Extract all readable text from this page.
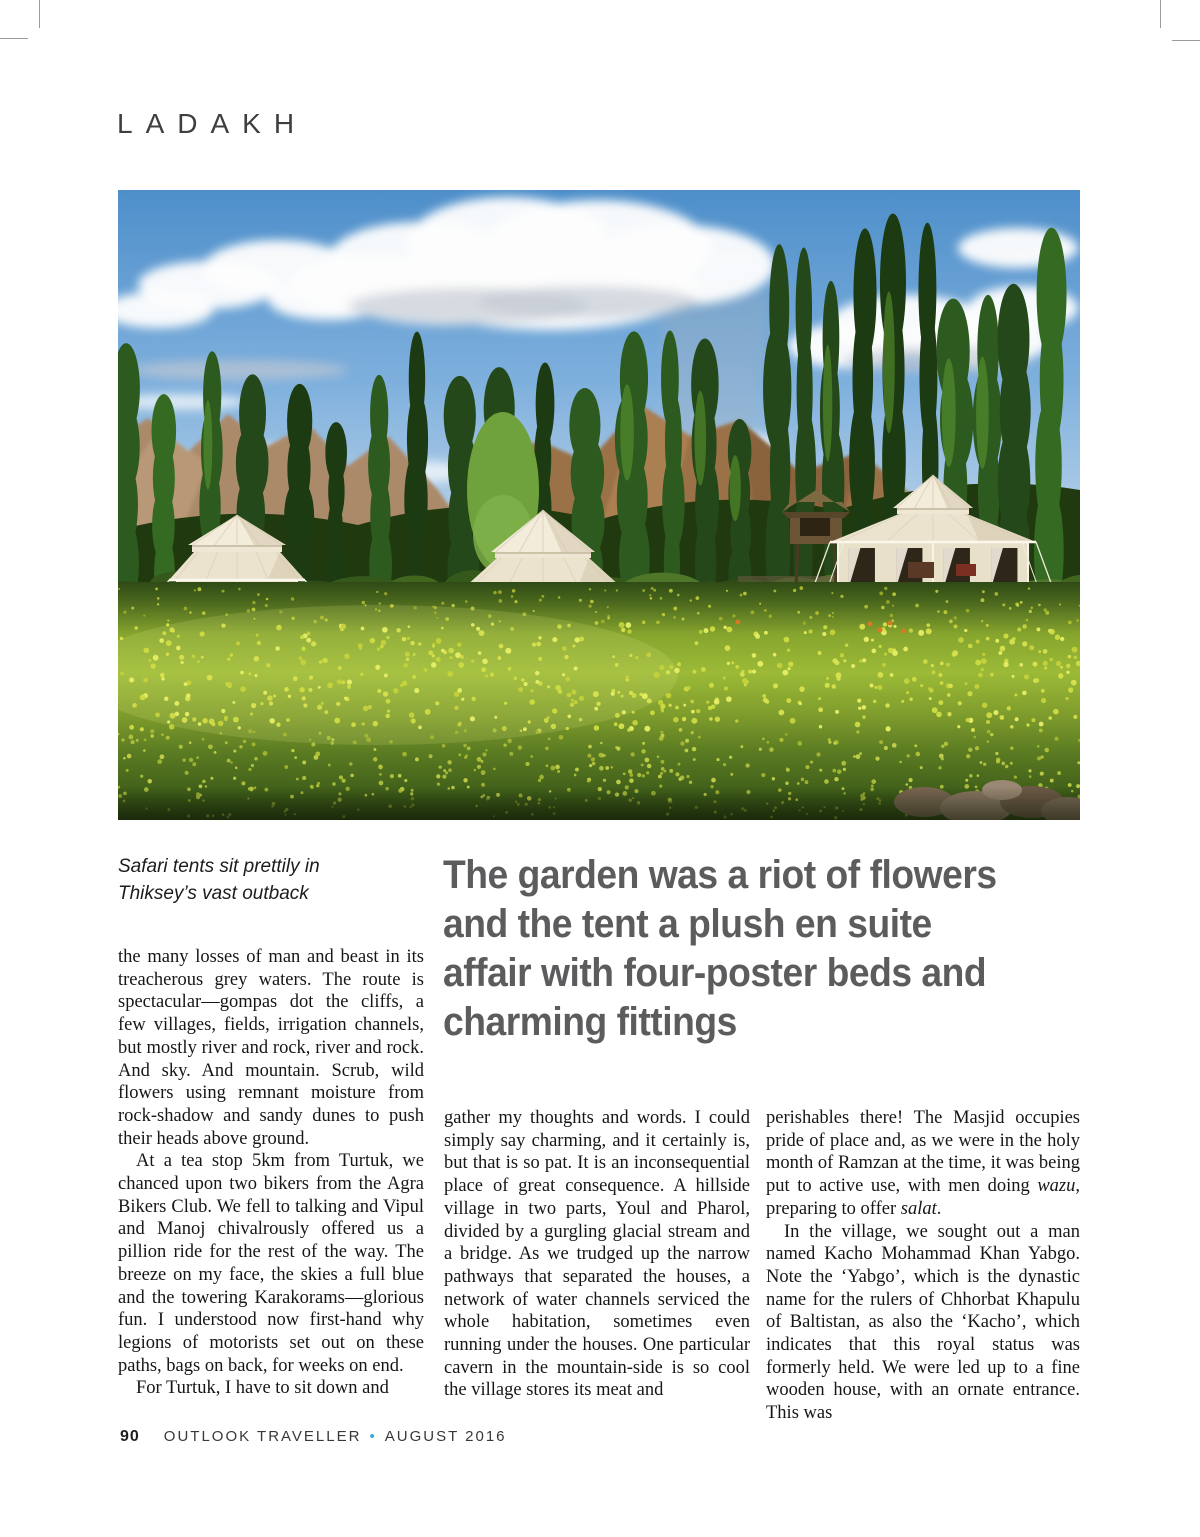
LADAKH
Safari tents sit prettily in
Thiksey’s vast outback	The garden was a riot of flowers
and the tent a plush en suite
affair with four-poster beds and
charming fittings

the many losses of man and beast in its treacherous grey waters. The route is spectacular—gompas dot the cliffs, a few villages, fields, irrigation channels, but mostly river and rock, river and rock. And sky. And mountain. Scrub, wild flowers using remnant moisture from rock-shadow and sandy dunes to push their heads above ground.

At a tea stop 5km from Turtuk, we chanced upon two bikers from the Agra Bikers Club. We fell to talking and Vipul and Manoj chivalrously offered us a pillion ride for the rest of the way. The breeze on my face, the skies a full blue and the towering Karakorams—glorious fun. I understood now first-hand why legions of motorists set out on these paths, bags on back, for weeks on end.

For Turtuk, I have to sit down and

gather my thoughts and words. I could simply say charming, and it certainly is, but that is so pat. It is an inconsequential place of great consequence. A hillside village in two parts, Youl and Pharol, divided by a gurgling glacial stream and a bridge. As we trudged up the narrow pathways that separated the houses, a network of water channels serviced the whole habitation, sometimes even running under the houses. One particular cavern in the mountain-side is so cool the village stores its meat and

perishables there! The Masjid occupies pride of place and, as we were in the holy month of Ramzan at the time, it was being put to active use, with men doing wazu, preparing to offer salat.

In the village, we sought out a man named Kacho Mohammad Khan Yabgo. Note the ‘Yabgo’, which is the dynastic name for the rulers of Chhorbat Khapulu of Baltistan, as also the ‘Kacho’, which indicates that this royal status was formerly held. We were led up to a fine wooden house, with an ornate entrance. This was

90 OUTLOOK TRAVELLER • AUGUST 2016
